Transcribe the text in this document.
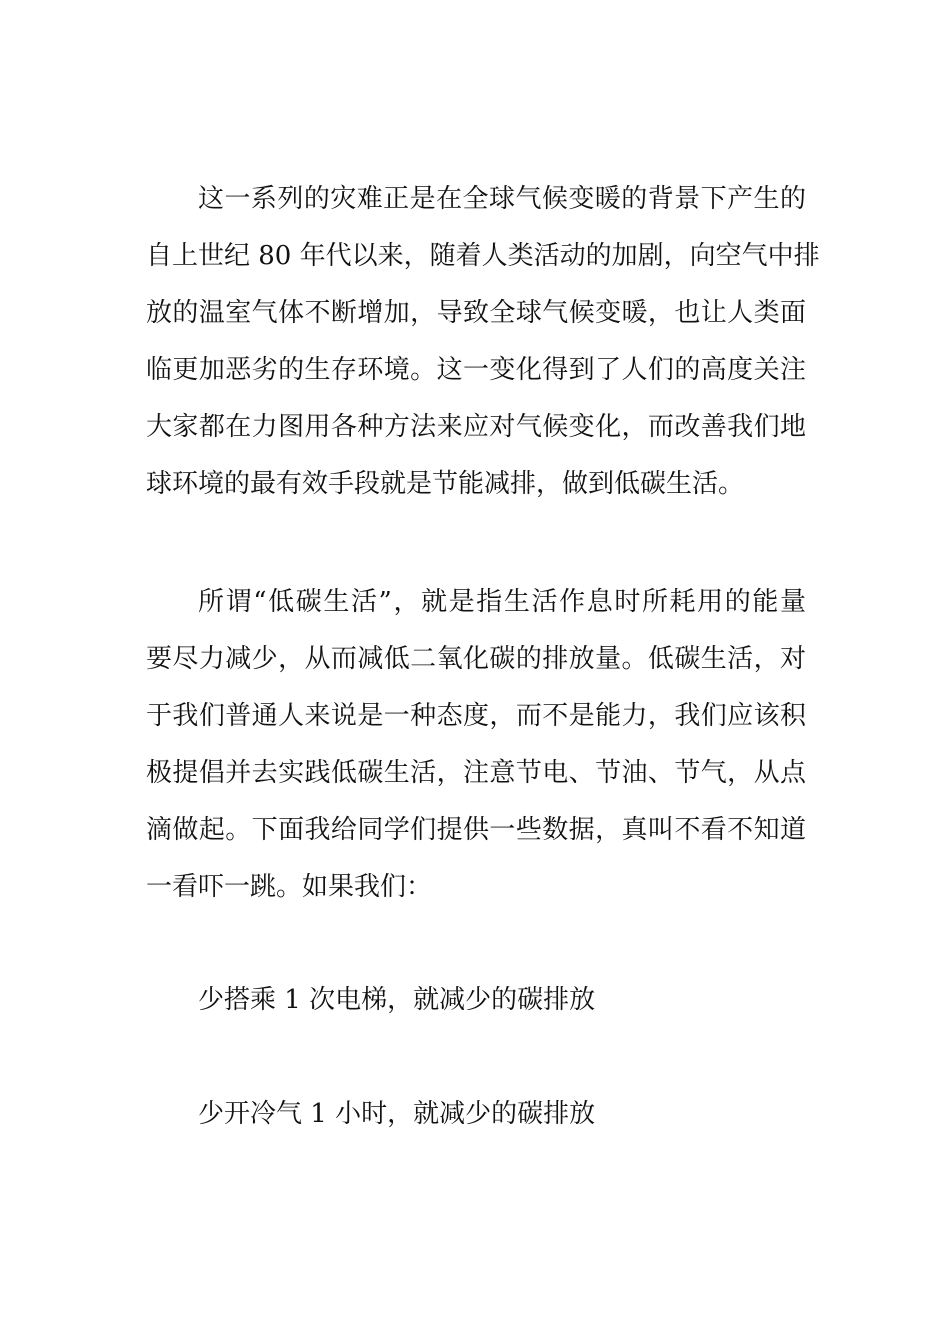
这一系列的灾难正是在全球气候变暖的背景下产生的
自上世纪 80 年代以来，随着人类活动的加剧，向空气中排
放的温室气体不断增加，导致全球气候变暖，也让人类面
临更加恶劣的生存环境。这一变化得到了人们的高度关注
大家都在力图用各种方法来应对气候变化，而改善我们地
球环境的最有效手段就是节能减排，做到低碳生活。
所谓“低碳生活”，就是指生活作息时所耗用的能量
要尽力减少，从而减低二氧化碳的排放量。低碳生活，对
于我们普通人来说是一种态度，而不是能力，我们应该积
极提倡并去实践低碳生活，注意节电、节油、节气，从点
滴做起。下面我给同学们提供一些数据，真叫不看不知道
一看吓一跳。如果我们：
少搭乘 1 次电梯，就减少的碳排放
少开冷气 1 小时，就减少的碳排放
